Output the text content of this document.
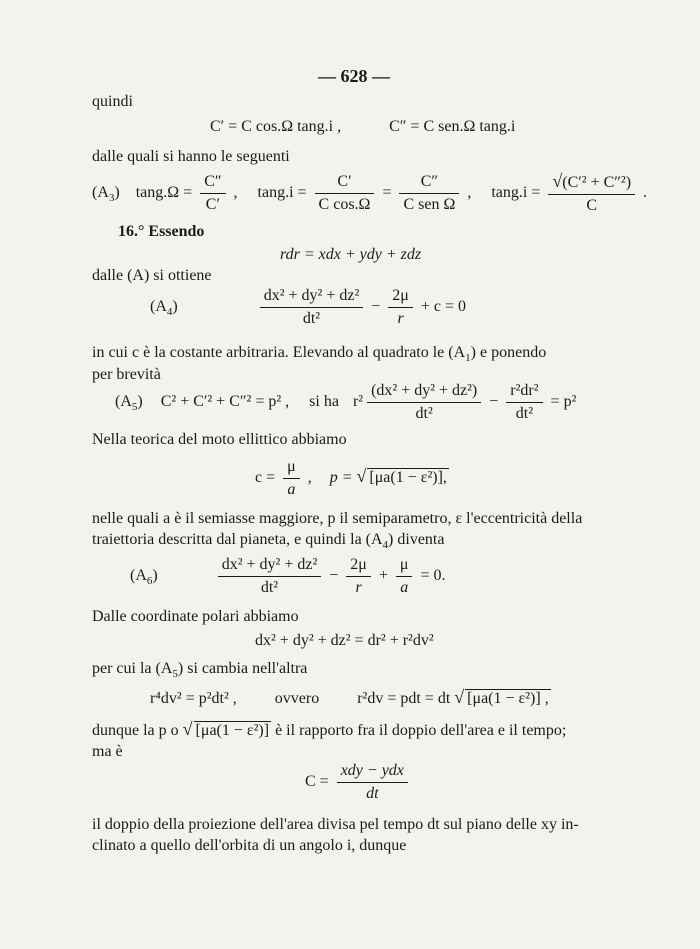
— 628 —
quindi
C′ = C cos.Ω tang.i ,	C″ = C sen.Ω tang.i
dalle quali si hanno le seguenti
$(A_3) \tan g.\Omega = \frac{C''}{C'}$ , $\tan g.i = \frac{C'}{\text{C cos.Ω}}$ =
C″
C sen Ω
, $\tan g.i = \frac{\text{√(C′² + C″²)}}{C}$ .
16.° Essendo
rdr = xdx + ydy + zdz
dalle (A) si ottiene
$(A_4)$	$\frac{\text{dx² + dy² + dz²}}{\text{dt²}} - \frac{2\mu}{r} + c = 0$
in cui c è la costante arbitraria. Elevando al quadrato le $(A_1)$ e ponendo
per brevità
$(A_5) C^2 + C'^2 + C''^2 = p^2$ , si ha $r^2 \frac{\text{(dx² + dy² + dz²)}}{\text{dt²}} - \frac{\text{r²dr²}}{\text{dt²}} = p^2$
Nella teorica del moto ellittico abbiamo
$c = \frac{\mu}{a}$ , p = √ [μa(1 − ε²)],
nelle quali a è il semiasse maggiore, p il semiparametro, ε l'eccentricità della
traiettoria descritta dal pianeta, e quindi la $(A_4)$ diventa
$(A_6)$	$\frac{\text{dx² + dy² + dz²}}{\text{dt²}} - \frac{2\mu}{r} + \frac{\mu}{a} = 0$.
Dalle coordinate polari abbiamo
dx² + dy² + dz² = dr² + r²dv²
per cui la $(A_5)$ si cambia nell'altra
r⁴dv² = p²dt² , ovvero r²dv = pdt = dt √ [μa(1 − ε²)] ,
dunque la p o √ [μa(1 − ε²)] è il rapporto fra il doppio dell'area e il tempo;
ma è
C =
xdy − ydx
dt
il doppio della proiezione dell'area divisa pel tempo dt sul piano delle xy in-
clinato a quello dell'orbita di un angolo i, dunque
